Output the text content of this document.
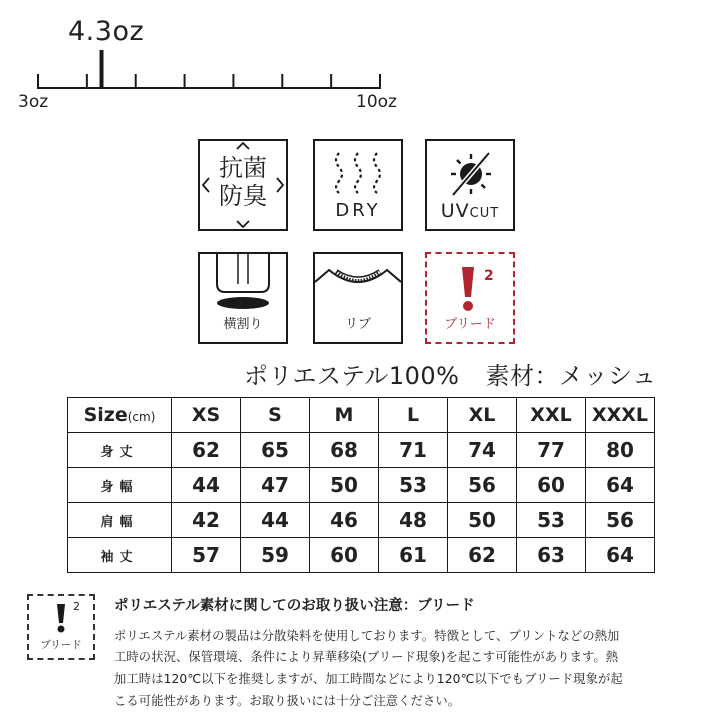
4.3oz
3oz	10oz
抗菌
防臭
DRY	UVCUT
横割り	リブ
2
ブリード
ポリエステル100% 素材：メッシュ
Size(cm)	XS	S	M	L	XL	XXL	XXXL
身丈	62	65	68	71	74	77	80
身幅	44	47	50	53	56	60	64
肩幅	42	44	46	48	50	53	56
袖丈	57	59	60	61	62	63	64
2
ブリード
ポリエステル素材に関してのお取り扱い注意：ブリード
ポリエステル素材の製品は分散染料を使用しております。特徴として、プリントなどの熱加
工時の状況、保管環境、条件により昇華移染(ブリード現象)を起こす可能性があります。熱
加工時は120℃以下を推奨しますが、加工時間などにより120℃以下でもブリード現象が起
こる可能性があります。お取り扱いには十分ご注意ください。
